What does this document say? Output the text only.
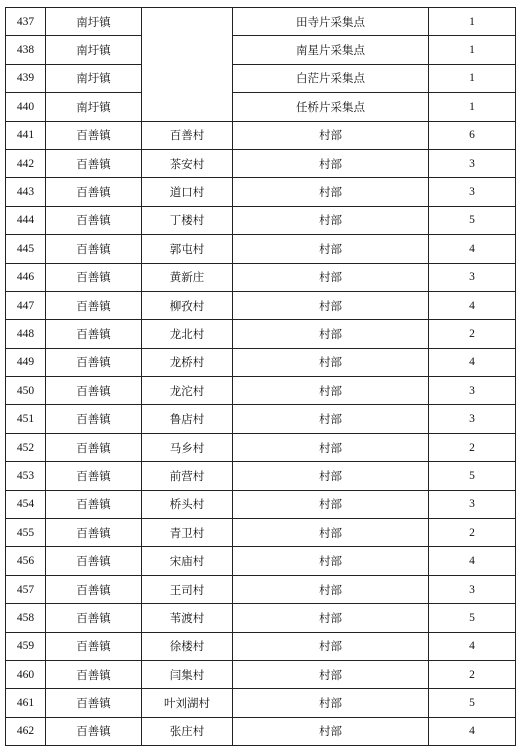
437	南圩镇		田寺片采集点	1
438	南圩镇		南星片采集点	1
439	南圩镇		白茫片采集点	1
440	南圩镇		任桥片采集点	1
441	百善镇	百善村	村部	6
442	百善镇	茶安村	村部	3
443	百善镇	道口村	村部	3
444	百善镇	丁楼村	村部	5
445	百善镇	郭屯村	村部	4
446	百善镇	黄新庄	村部	3
447	百善镇	柳孜村	村部	4
448	百善镇	龙北村	村部	2
449	百善镇	龙桥村	村部	4
450	百善镇	龙沱村	村部	3
451	百善镇	鲁店村	村部	3
452	百善镇	马乡村	村部	2
453	百善镇	前营村	村部	5
454	百善镇	桥头村	村部	3
455	百善镇	青卫村	村部	2
456	百善镇	宋庙村	村部	4
457	百善镇	王司村	村部	3
458	百善镇	苇渡村	村部	5
459	百善镇	徐楼村	村部	4
460	百善镇	闫集村	村部	2
461	百善镇	叶刘湖村	村部	5
462	百善镇	张庄村	村部	4
